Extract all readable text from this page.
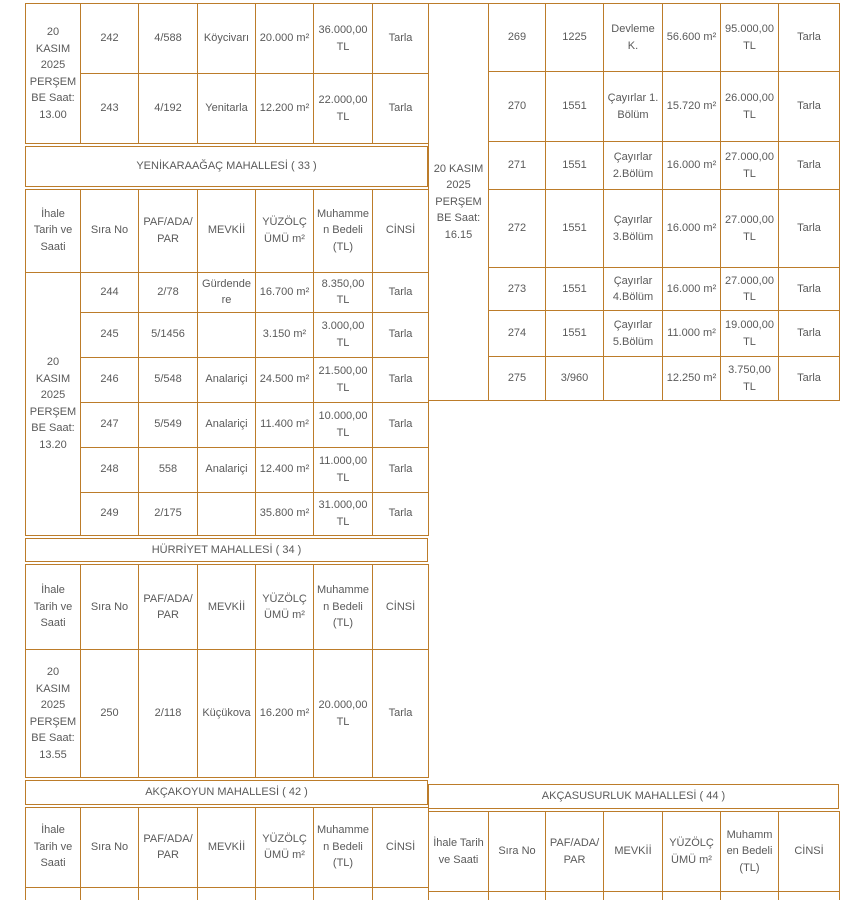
20 KASIM 2025 PERŞEMBE Saat: 13.00	242	4/588	Köycivarı	20.000 m²	36.000,00 TL	Tarla
	243	4/192	Yenitarla	12.200 m²	22.000,00 TL	Tarla
YENİKARAAĞAÇ MAHALLESİ ( 33 )
İhale Tarih ve Saati	Sıra No	PAF/ADA/PAR	MEVKİİ	YÜZÖLÇÜMÜ m²	Muhammen Bedeli (TL)	CİNSİ
20 KASIM 2025 PERŞEMBE Saat: 13.20	244	2/78	Gürdendere	16.700 m²	8.350,00 TL	Tarla
	245	5/1456		3.150 m²	3.000,00 TL	Tarla
	246	5/548	Analariçi	24.500 m²	21.500,00 TL	Tarla
	247	5/549	Analariçi	11.400 m²	10.000,00 TL	Tarla
	248	558	Analariçi	12.400 m²	11.000,00 TL	Tarla
	249	2/175		35.800 m²	31.000,00 TL	Tarla
HÜRRİYET MAHALLESİ ( 34 )
İhale Tarih ve Saati	Sıra No	PAF/ADA/PAR	MEVKİİ	YÜZÖLÇÜMÜ m²	Muhammen Bedeli (TL)	CİNSİ
20 KASIM 2025 PERŞEMBE Saat: 13.55	250	2/118	Küçükova	16.200 m²	20.000,00 TL	Tarla
AKÇAKOYUN MAHALLESİ ( 42 )
İhale Tarih ve Saati	Sıra No	PAF/ADA/PAR	MEVKİİ	YÜZÖLÇÜMÜ m²	Muhammen Bedeli (TL)	CİNSİ

20 KASIM 2025 PERŞEMBE Saat: 16.15	269	1225	Devleme K.	56.600 m²	95.000,00 TL	Tarla
	270	1551	Çayırlar 1. Bölüm	15.720 m²	26.000,00 TL	Tarla
	271	1551	Çayırlar 2.Bölüm	16.000 m²	27.000,00 TL	Tarla
	272	1551	Çayırlar 3.Bölüm	16.000 m²	27.000,00 TL	Tarla
	273	1551	Çayırlar 4.Bölüm	16.000 m²	27.000,00 TL	Tarla
	274	1551	Çayırlar 5.Bölüm	11.000 m²	19.000,00 TL	Tarla
	275	3/960		12.250 m²	3.750,00 TL	Tarla
AKÇASUSURLUK MAHALLESİ ( 44 )
İhale Tarih ve Saati	Sıra No	PAF/ADA/PAR	MEVKİİ	YÜZÖLÇÜMÜ m²	Muhammen Bedeli (TL)	CİNSİ
